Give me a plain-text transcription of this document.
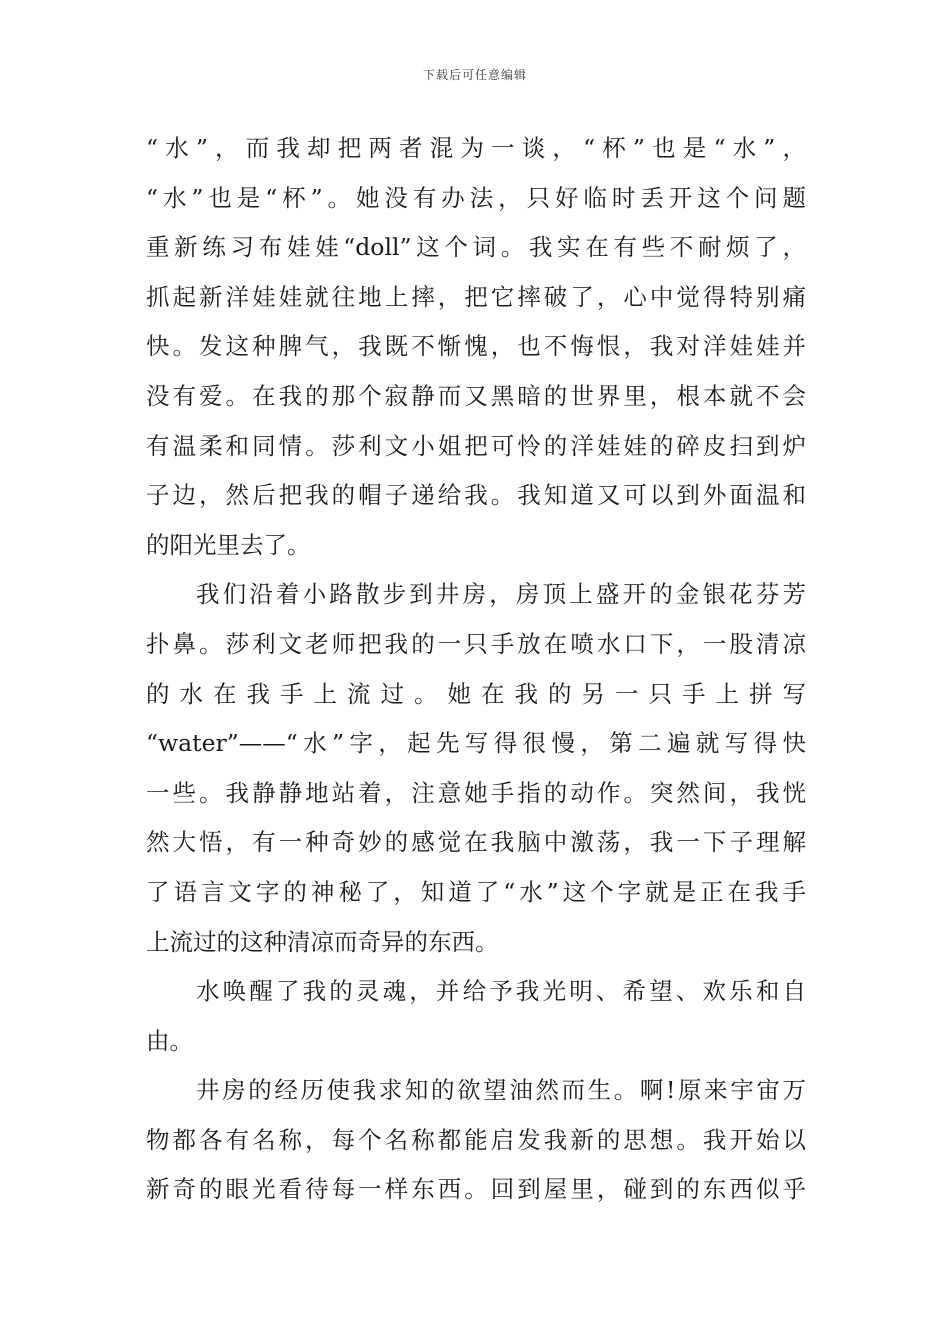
下载后可任意编辑
“水”，而我却把两者混为一谈，“杯”也是“水”，
“水”也是“杯”。她没有办法，只好临时丢开这个问题
重新练习布娃娃“doll”这个词。我实在有些不耐烦了，
抓起新洋娃娃就往地上摔，把它摔破了，心中觉得特别痛
快。发这种脾气，我既不惭愧，也不悔恨，我对洋娃娃并
没有爱。在我的那个寂静而又黑暗的世界里，根本就不会
有温柔和同情。莎利文小姐把可怜的洋娃娃的碎皮扫到炉
子边，然后把我的帽子递给我。我知道又可以到外面温和
的阳光里去了。
我们沿着小路散步到井房，房顶上盛开的金银花芬芳
扑鼻。莎利文老师把我的一只手放在喷水口下，一股清凉
的水在我手上流过。她在我的另一只手上拼写
“water”——“水”字，起先写得很慢，第二遍就写得快
一些。我静静地站着，注意她手指的动作。突然间，我恍
然大悟，有一种奇妙的感觉在我脑中激荡，我一下子理解
了语言文字的神秘了，知道了“水”这个字就是正在我手
上流过的这种清凉而奇异的东西。
水唤醒了我的灵魂，并给予我光明、希望、欢乐和自
由。
井房的经历使我求知的欲望油然而生。啊!原来宇宙万
物都各有名称，每个名称都能启发我新的思想。我开始以
新奇的眼光看待每一样东西。回到屋里，碰到的东西似乎
